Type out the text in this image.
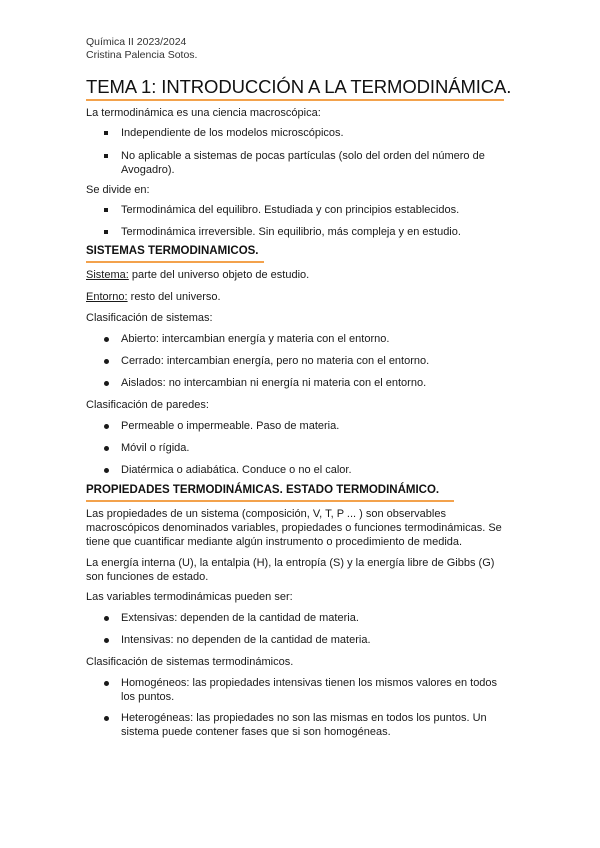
Química II 2023/2024
Cristina Palencia Sotos.
TEMA 1: INTRODUCCIÓN A LA TERMODINÁMICA.
La termodinámica es una ciencia macroscópica:
Independiente de los modelos microscópicos.
No aplicable a sistemas de pocas partículas (solo del orden del número de
Avogadro).
Se divide en:
Termodinámica del equilibro. Estudiada y con principios establecidos.
Termodinámica irreversible. Sin equilibrio, más compleja y en estudio.
SISTEMAS TERMODINAMICOS.
Sistema: parte del universo objeto de estudio.
Entorno: resto del universo.
Clasificación de sistemas:
Abierto: intercambian energía y materia con el entorno.
Cerrado: intercambian energía, pero no materia con el entorno.
Aislados: no intercambian ni energía ni materia con el entorno.
Clasificación de paredes:
Permeable o impermeable. Paso de materia.
Móvil o rígida.
Diatérmica o adiabática. Conduce o no el calor.
PROPIEDADES TERMODINÁMICAS. ESTADO TERMODINÁMICO.
Las propiedades de un sistema (composición, V, T, P ... ) son observables
macroscópicos denominados variables, propiedades o funciones termodinámicas. Se
tiene que cuantificar mediante algún instrumento o procedimiento de medida.
La energía interna (U), la entalpia (H), la entropía (S) y la energía libre de Gibbs (G)
son funciones de estado.
Las variables termodinámicas pueden ser:
Extensivas: dependen de la cantidad de materia.
Intensivas: no dependen de la cantidad de materia.
Clasificación de sistemas termodinámicos.
Homogéneos: las propiedades intensivas tienen los mismos valores en todos
los puntos.
Heterogéneas: las propiedades no son las mismas en todos los puntos. Un
sistema puede contener fases que si son homogéneas.
